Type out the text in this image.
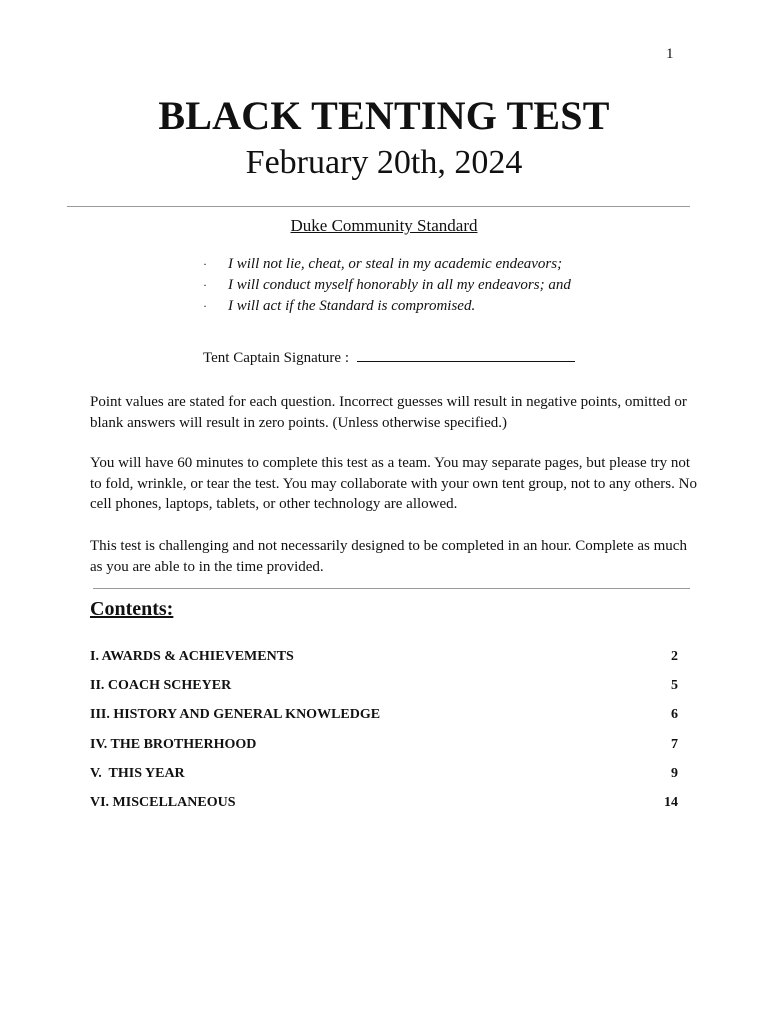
1
BLACK TENTING TEST
February 20th, 2024
Duke Community Standard
· I will not lie, cheat, or steal in my academic endeavors;
· I will conduct myself honorably in all my endeavors; and
· I will act if the Standard is compromised.
Tent Captain Signature :

Point values are stated for each question. Incorrect guesses will result in negative points, omitted or blank answers will result in zero points. (Unless otherwise specified.)

You will have 60 minutes to complete this test as a team. You may separate pages, but please try not to fold, wrinkle, or tear the test. You may collaborate with your own tent group, not to any others. No cell phones, laptops, tablets, or other technology are allowed.

This test is challenging and not necessarily designed to be completed in an hour. Complete as much as you are able to in the time provided.

Contents:
I. AWARDS & ACHIEVEMENTS	2
II. COACH SCHEYER	5
III. HISTORY AND GENERAL KNOWLEDGE	6
IV. THE BROTHERHOOD	7
V.  THIS YEAR	9
VI. MISCELLANEOUS	14
